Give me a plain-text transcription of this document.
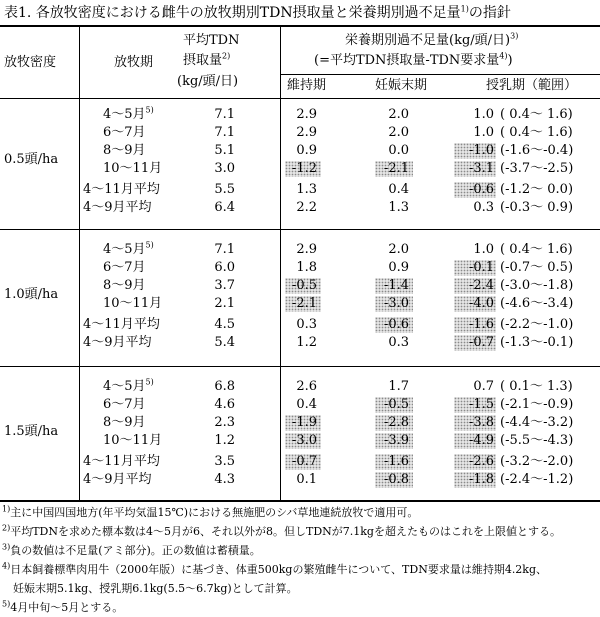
表1. 各放牧密度における雌牛の放牧期別TDN摂取量と栄養期別過不足量$^{1)}$の指針
放牧密度	放牧期
平均TDN
摂取量$^{2)}$
(kg/頭/日)
栄養期別過不足量(kg/頭/日)$^{3)}$
(=平均TDN摂取量-TDN要求量$^{4)}$)
維持期	妊娠末期	授乳期（範囲）
0.5頭/ha
4～5月$^{5)}$	7.1	2.9	2.0	1.0 ( 0.4～ 1.6)
6～7月	7.1	2.9	2.0	1.0 ( 0.4～ 1.6)
8～9月	5.1	0.9	0.0	-1.0 (-1.6～-0.4)
10～11月	3.0	-1.2	-2.1	-3.1 (-3.7～-2.5)
4～11月平均	5.5	1.3	0.4	-0.6 (-1.2～ 0.0)
4～9月平均	6.4	2.2	1.3	0.3 (-0.3～ 0.9)
1.0頭/ha
4～5月$^{5)}$	7.1	2.9	2.0	1.0 ( 0.4～ 1.6)
6～7月	6.0	1.8	0.9	-0.1 (-0.7～ 0.5)
8～9月	3.7	-0.5	-1.4	-2.4 (-3.0～-1.8)
10～11月	2.1	-2.1	-3.0	-4.0 (-4.6～-3.4)
4～11月平均	4.5	0.3	-0.6	-1.6 (-2.2～-1.0)
4～9月平均	5.4	1.2	0.3	-0.7 (-1.3～-0.1)
1.5頭/ha
4～5月$^{5)}$	6.8	2.6	1.7	0.7 ( 0.1～ 1.3)
6～7月	4.6	0.4	-0.5	-1.5 (-2.1～-0.9)
8～9月	2.3	-1.9	-2.8	-3.8 (-4.4～-3.2)
10～11月	1.2	-3.0	-3.9	-4.9 (-5.5～-4.3)
4～11月平均	3.5	-0.7	-1.6	-2.6 (-3.2～-2.0)
4～9月平均	4.3	0.1	-0.8	-1.8 (-2.4～-1.2)
$^{1)}$主に中国四国地方(年平均気温15℃)における無施肥のシバ草地連続放牧で適用可。
$^{2)}$平均TDNを求めた標本数は4～5月が6、それ以外が8。但しTDNが7.1kgを超えたものはこれを上限値とする。
$^{3)}$負の数値は不足量(アミ部分)。正の数値は蓄積量。
$^{4)}$日本飼養標準肉用牛（2000年版）に基づき、体重500kgの繁殖雌牛について、TDN要求量は維持期4.2kg、
　妊娠末期5.1kg、授乳期6.1kg(5.5～6.7kg)として計算。
$^{5)}$4月中旬～5月とする。
